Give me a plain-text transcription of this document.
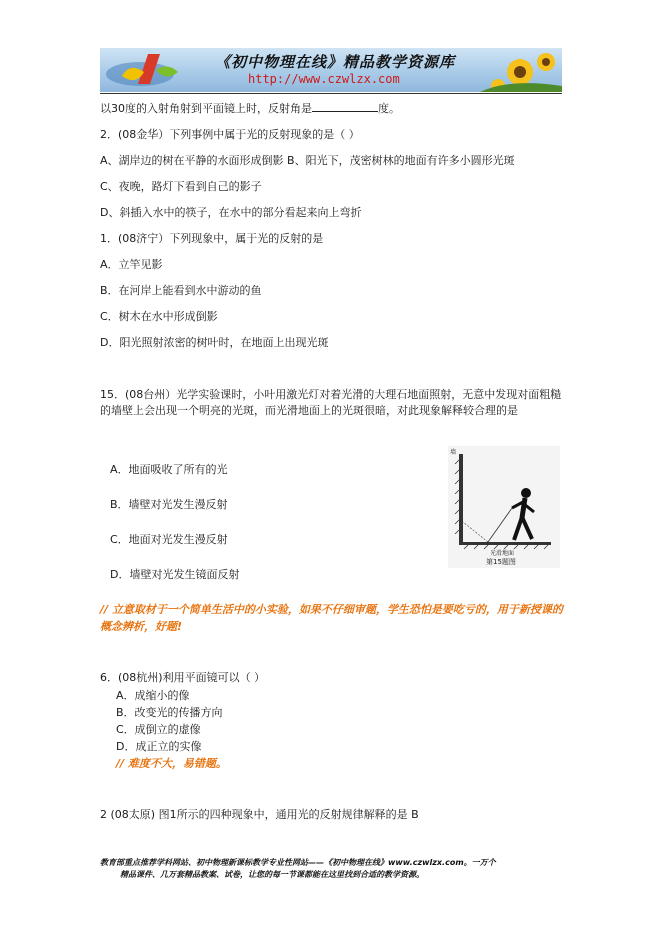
《初中物理在线》精品教学资源库
http://www.czwlzx.com
以30度的入射角射到平面镜上时，反射角是	度。
2．(08金华）下列事例中属于光的反射现象的是（ ）
A、湖岸边的树在平静的水面形成倒影 B、阳光下，茂密树林的地面有许多小圆形光斑
C、夜晚，路灯下看到自己的影子
D、斜插入水中的筷子，在水中的部分看起来向上弯折
1．(08济宁）下列现象中，属于光的反射的是
A．立竿见影
B．在河岸上能看到水中游动的鱼
C．树木在水中形成倒影
D．阳光照射浓密的树叶时，在地面上出现光斑
15．(08台州）光学实验课时，小叶用激光灯对着光滑的大理石地面照射，无意中发现对面粗糙的墙壁上会出现一个明亮的光斑，而光滑地面上的光斑很暗，对此现象解释较合理的是
A．地面吸收了所有的光
B．墙壁对光发生漫反射
C．地面对光发生漫反射
D．墙壁对光发生镜面反射
墙
光滑地面
第15题图
// 立意取材于一个简单生活中的小实验，如果不仔细审题，学生恐怕是要吃亏的，用于新授课的概念辨析，好题!
6．(08杭州)利用平面镜可以（ ）
A．成缩小的像
B．改变光的传播方向
C．成倒立的虚像
D．成正立的实像
// 难度不大，易错题。
2 (08太原) 图1所示的四种现象中，通用光的反射规律解释的是 B
教育部重点推荐学科网站、初中物理新课标教学专业性网站——《初中物理在线》www.czwlzx.com。一万个
精品课件、几万套精品教案、试卷，让您的每一节课都能在这里找到合适的教学资源。
